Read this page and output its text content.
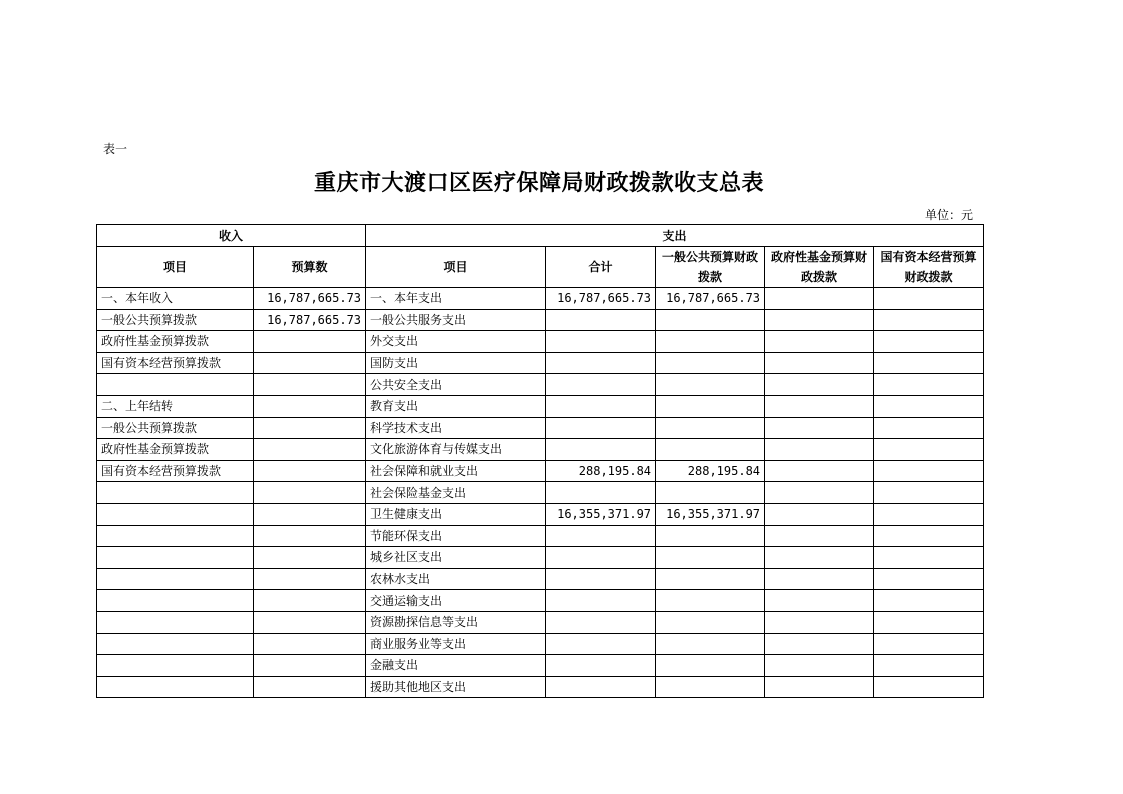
表一
重庆市大渡口区医疗保障局财政拨款收支总表
单位：元
收入		支出				
项目	预算数	项目	合计	一般公共预算财政拨款	政府性基金预算财政拨款	国有资本经营预算财政拨款
一、本年收入	16,787,665.73	一、本年支出	16,787,665.73	16,787,665.73		
一般公共预算拨款	16,787,665.73	一般公共服务支出				
政府性基金预算拨款		外交支出				
国有资本经营预算拨款		国防支出				
		公共安全支出				
二、上年结转		教育支出				
一般公共预算拨款		科学技术支出				
政府性基金预算拨款		文化旅游体育与传媒支出				
国有资本经营预算拨款		社会保障和就业支出	288,195.84	288,195.84		
		社会保险基金支出				
		卫生健康支出	16,355,371.97	16,355,371.97		
		节能环保支出				
		城乡社区支出				
		农林水支出				
		交通运输支出				
		资源勘探信息等支出				
		商业服务业等支出				
		金融支出				
		援助其他地区支出				
